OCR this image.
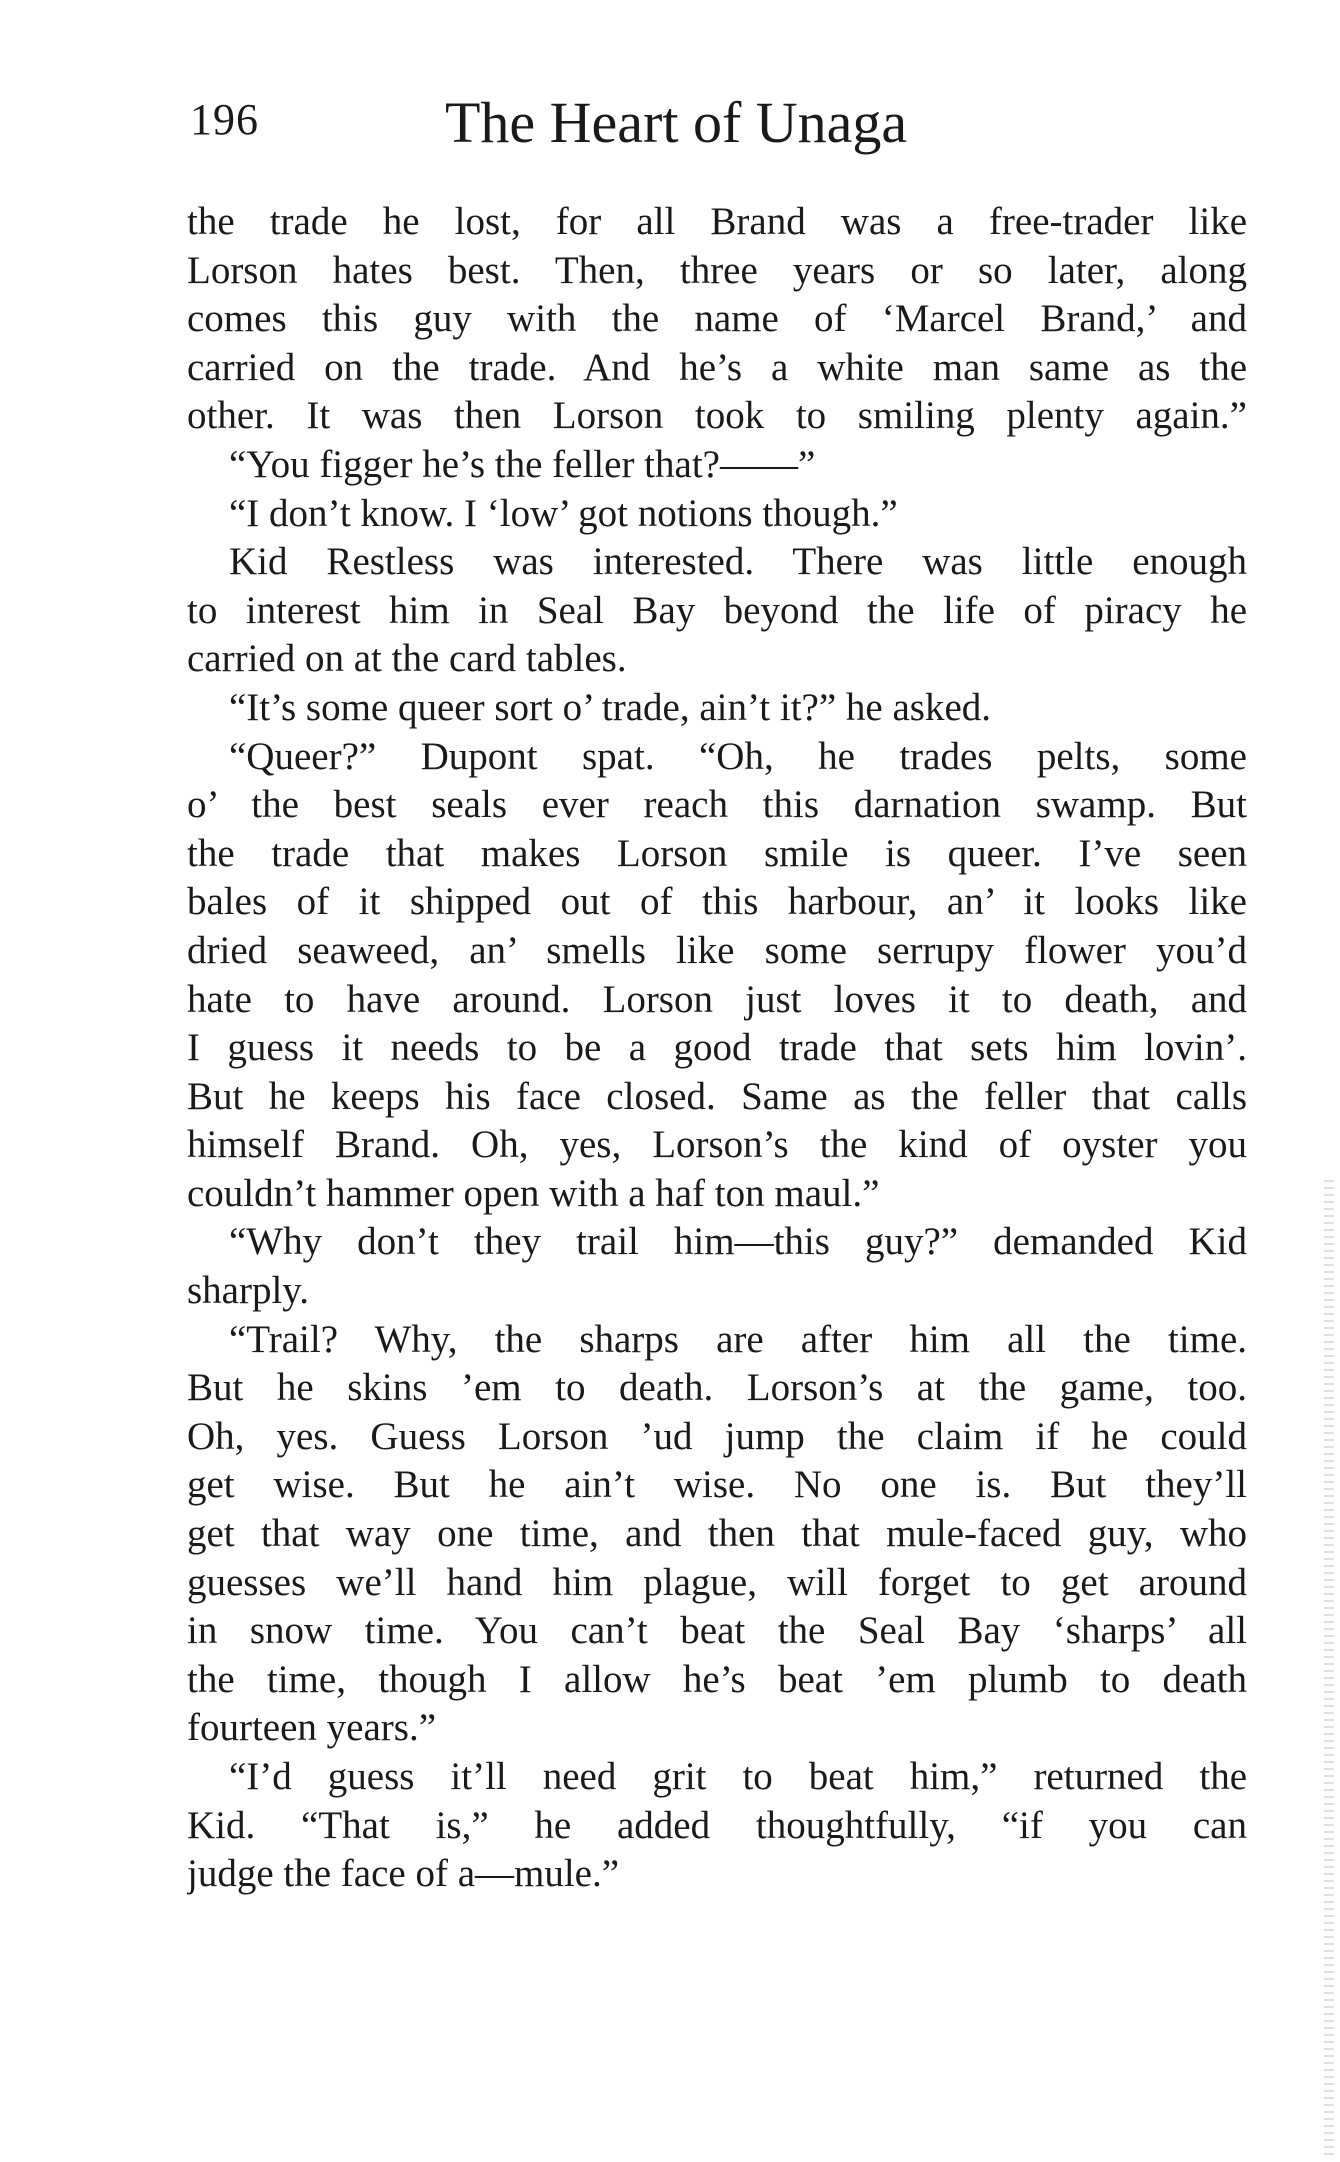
196	The Heart of Unaga
the trade he lost, for all Brand was a free-trader like
Lorson hates best. Then, three years or so later, along
comes this guy with the name of ‘Marcel Brand,’ and
carried on the trade. And he’s a white man same as the
other. It was then Lorson took to smiling plenty again.”
“You figger he’s the feller that?——”
“I don’t know. I ‘low’ got notions though.”
Kid Restless was interested. There was little enough
to interest him in Seal Bay beyond the life of piracy he
carried on at the card tables.
“It’s some queer sort o’ trade, ain’t it?” he asked.
“Queer?” Dupont spat. “Oh, he trades pelts, some
o’ the best seals ever reach this darnation swamp. But
the trade that makes Lorson smile is queer. I’ve seen
bales of it shipped out of this harbour, an’ it looks like
dried seaweed, an’ smells like some serrupy flower you’d
hate to have around. Lorson just loves it to death, and
I guess it needs to be a good trade that sets him lovin’.
But he keeps his face closed. Same as the feller that calls
himself Brand. Oh, yes, Lorson’s the kind of oyster you
couldn’t hammer open with a haf ton maul.”
“Why don’t they trail him—this guy?” demanded Kid
sharply.
“Trail? Why, the sharps are after him all the time.
But he skins ’em to death. Lorson’s at the game, too.
Oh, yes. Guess Lorson ’ud jump the claim if he could
get wise. But he ain’t wise. No one is. But they’ll
get that way one time, and then that mule-faced guy, who
guesses we’ll hand him plague, will forget to get around
in snow time. You can’t beat the Seal Bay ‘sharps’ all
the time, though I allow he’s beat ’em plumb to death
fourteen years.”
“I’d guess it’ll need grit to beat him,” returned the
Kid. “That is,” he added thoughtfully, “if you can
judge the face of a—mule.”
